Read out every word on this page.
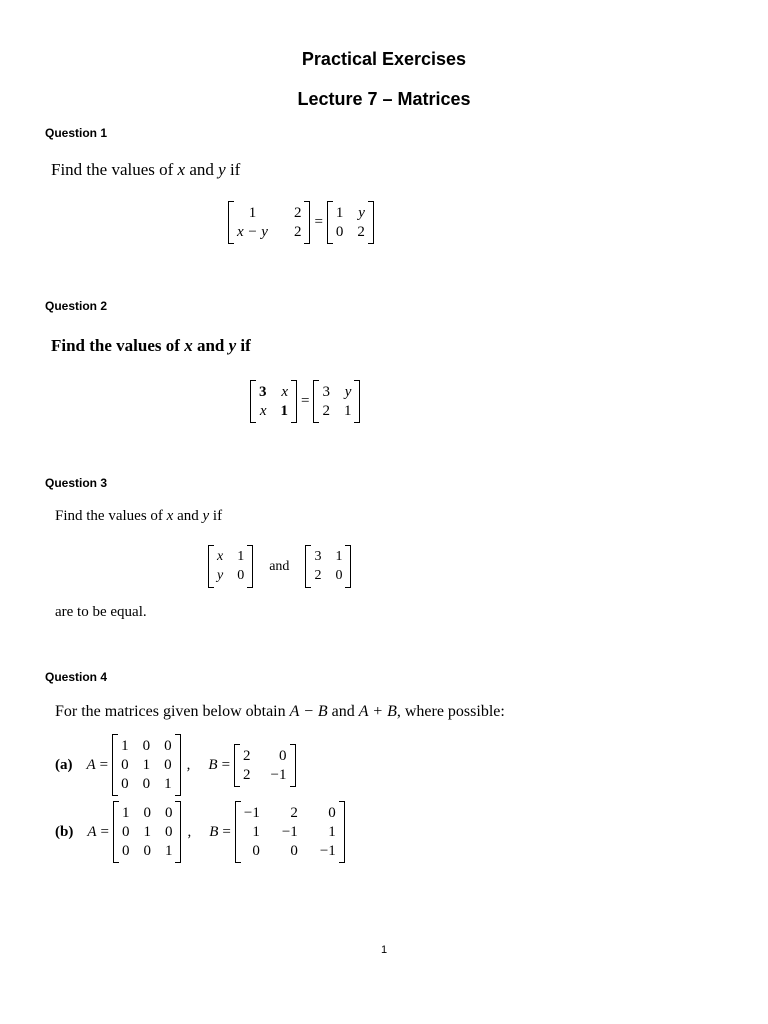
Practical Exercises
Lecture 7 – Matrices
Question 1
Find the values of x and y if
1	2
x − y 2
=
1 y
0 2
Question 2
Find the values of x and y if
3 x
x 1
=
3 y
2 1
Question 3
Find the values of x and y if
x 1
y 0
and
3 1
2 0
are to be equal.
Question 4
For the matrices given below obtain A − B and A + B, where possible:
(a) A =
1 0 0
0 1 0
0 0 1
, B =
2	0
2 −1
(b) A =
1 0 0
0 1 0
0 0 1
, B =
−1	2	0
1 −1	1
0	0 −1
1
